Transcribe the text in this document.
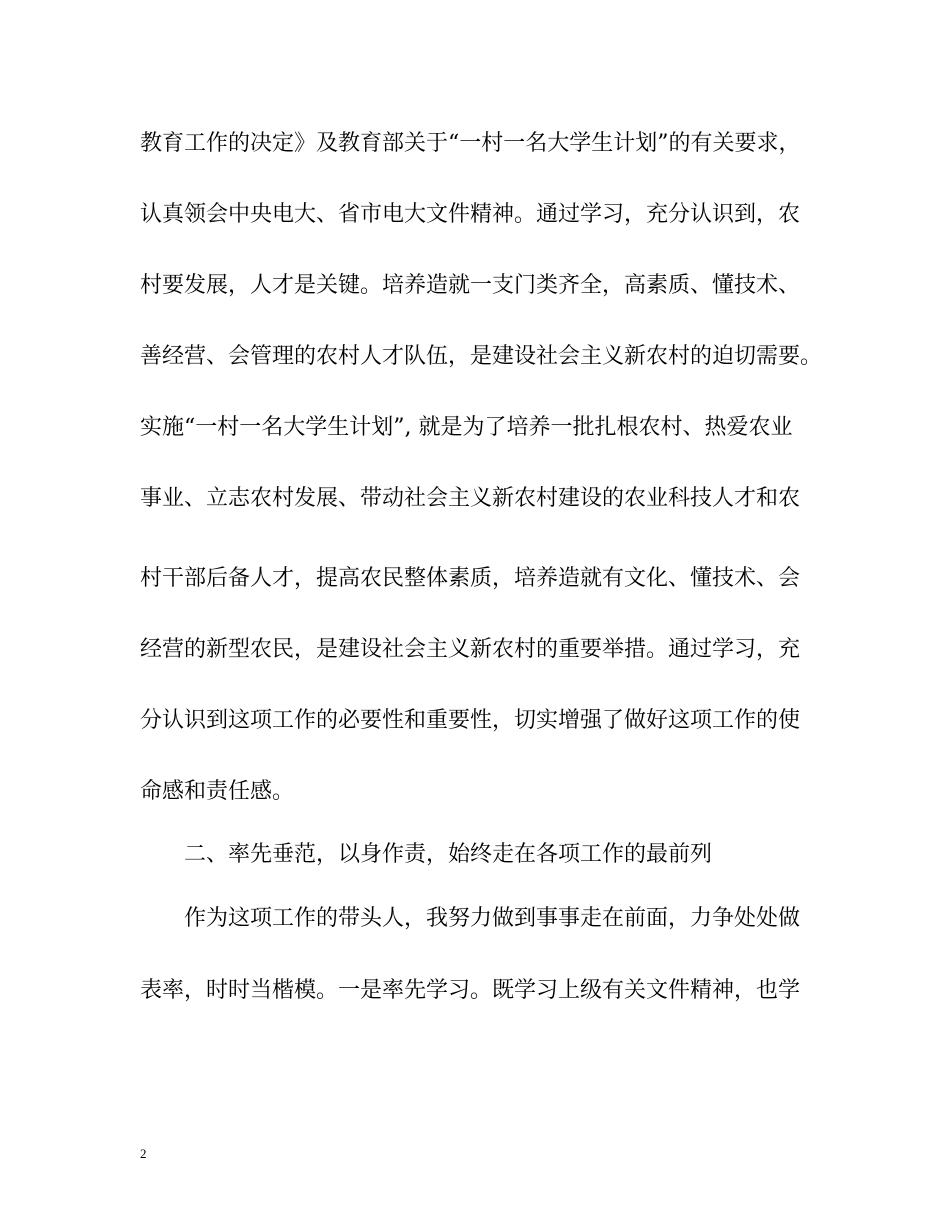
教育工作的决定》及教育部关于“一村一名大学生计划”的有关要求，
认真领会中央电大、省市电大文件精神。通过学习，充分认识到，农
村要发展，人才是关键。培养造就一支门类齐全，高素质、懂技术、
善经营、会管理的农村人才队伍，是建设社会主义新农村的迫切需要。
实施“一村一名大学生计划”, 就是为了培养一批扎根农村、热爱农业
事业、立志农村发展、带动社会主义新农村建设的农业科技人才和农
村干部后备人才，提高农民整体素质，培养造就有文化、懂技术、会
经营的新型农民，是建设社会主义新农村的重要举措。通过学习，充
分认识到这项工作的必要性和重要性，切实增强了做好这项工作的使
命感和责任感。
二、率先垂范，以身作责，始终走在各项工作的最前列
作为这项工作的带头人，我努力做到事事走在前面，力争处处做
表率，时时当楷模。一是率先学习。既学习上级有关文件精神，也学
2
